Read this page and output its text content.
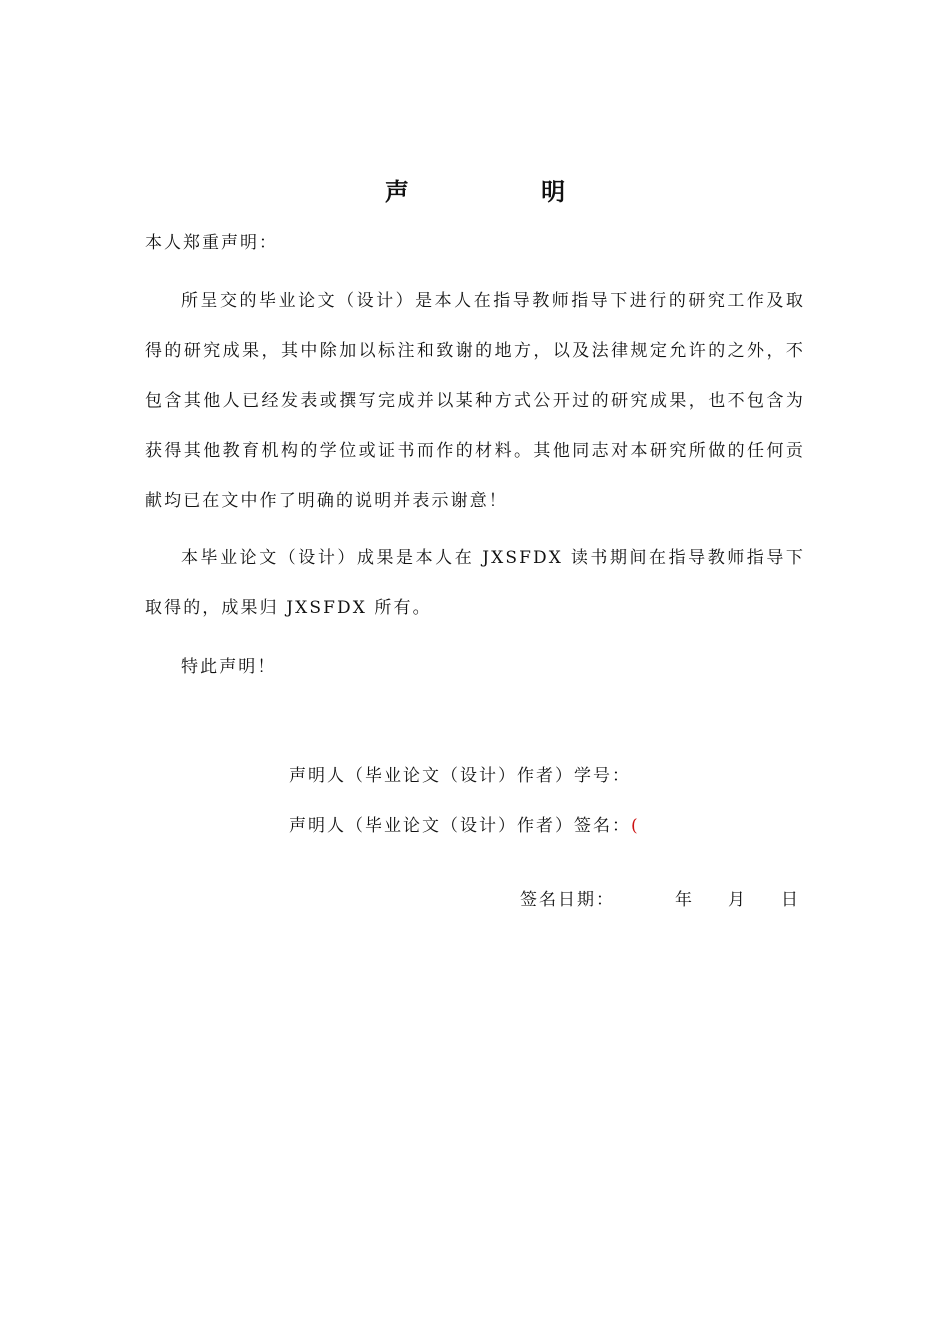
声 明
本人郑重声明：

所呈交的毕业论文（设计）是本人在指导教师指导下进行的研究工作及取得的研究成果，其中除加以标注和致谢的地方，以及法律规定允许的之外，不包含其他人已经发表或撰写完成并以某种方式公开过的研究成果，也不包含为获得其他教育机构的学位或证书而作的材料。其他同志对本研究所做的任何贡献均已在文中作了明确的说明并表示谢意！

本毕业论文（设计）成果是本人在 JXSFDX 读书期间在指导教师指导下取得的，成果归 JXSFDX 所有。

特此声明！

声明人（毕业论文（设计）作者）学号：
声明人（毕业论文（设计）作者）签名：(
签名日期：	年 月 日
